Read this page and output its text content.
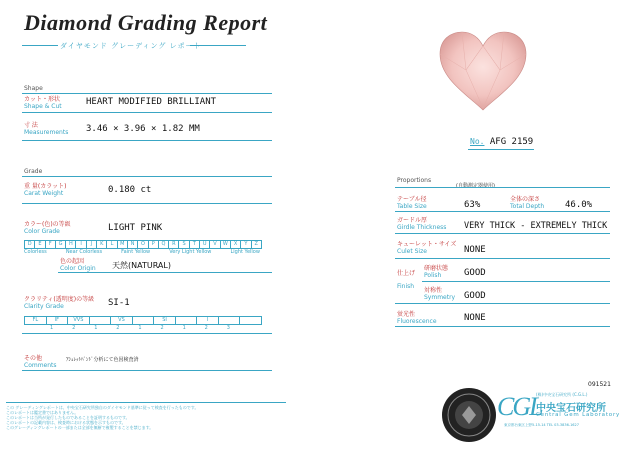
Diamond Grading Report
ダイヤモンド グレーディング レポート
Shape
カット・形状
Shape & Cut	HEART MODIFIED BRILLIANT
寸 法
Measurements 3.46 × 3.96 × 1.82 MM
Grade
重 量(カラット)
Carat Weight	0.180 ct
カラー(色)の等級
Color Grade	LIGHT PINK
D	E	F	G	H	I	J	K	L	M	N	O	P	Q	R	S	T	U	V	W	X	Y	Z
Colorless	Near Colorless	Faint Yellow	Very Light Yellow	Light Yellow
色の起因
Color Origin 天然(NATURAL)
クラリティ(透明度)の等級
Clarity Grade	SI-1
FL	IF	VVS	VS	SI	I
1	2	1	2	1	2	1	2	3
その他
Comments
ｱｼｭﾚｯﾄﾊﾞﾝﾄﾞ分析にて色因検査済
No. AFG 2159
Proportions
(自動測定器使用)
テーブル径
Table Size	63%
全体の深さ
Total Depth 46.0%
ガードル厚
Girdle Thickness VERY THICK - EXTREMELY THICK
キューレット・サイズ
Culet Size	NONE
仕上げ
Finish
研磨状態
Polish	GOOD
対称性
Symmetry GOOD
蛍光性
Fluorescence	NONE
091521
CGL
(株)中央宝石研究所 (C.G.L.)
中央宝石研究所
Central Gem Laboratory
東京都台東区上野5-15-14 TEL 03-3836-1627
この グレーディングレポートは、中央宝石研究所独自のダイヤモンド基準に従って検査を行ったものです。
このレポートは鑑定書ではありません。
このレポートは当所が発行したものであることを証明するものです。
このレポートの記載内容は、検査時における状態を示すものです。
このグレーディングレポートの一部または全部を無断で複製することを禁じます。
